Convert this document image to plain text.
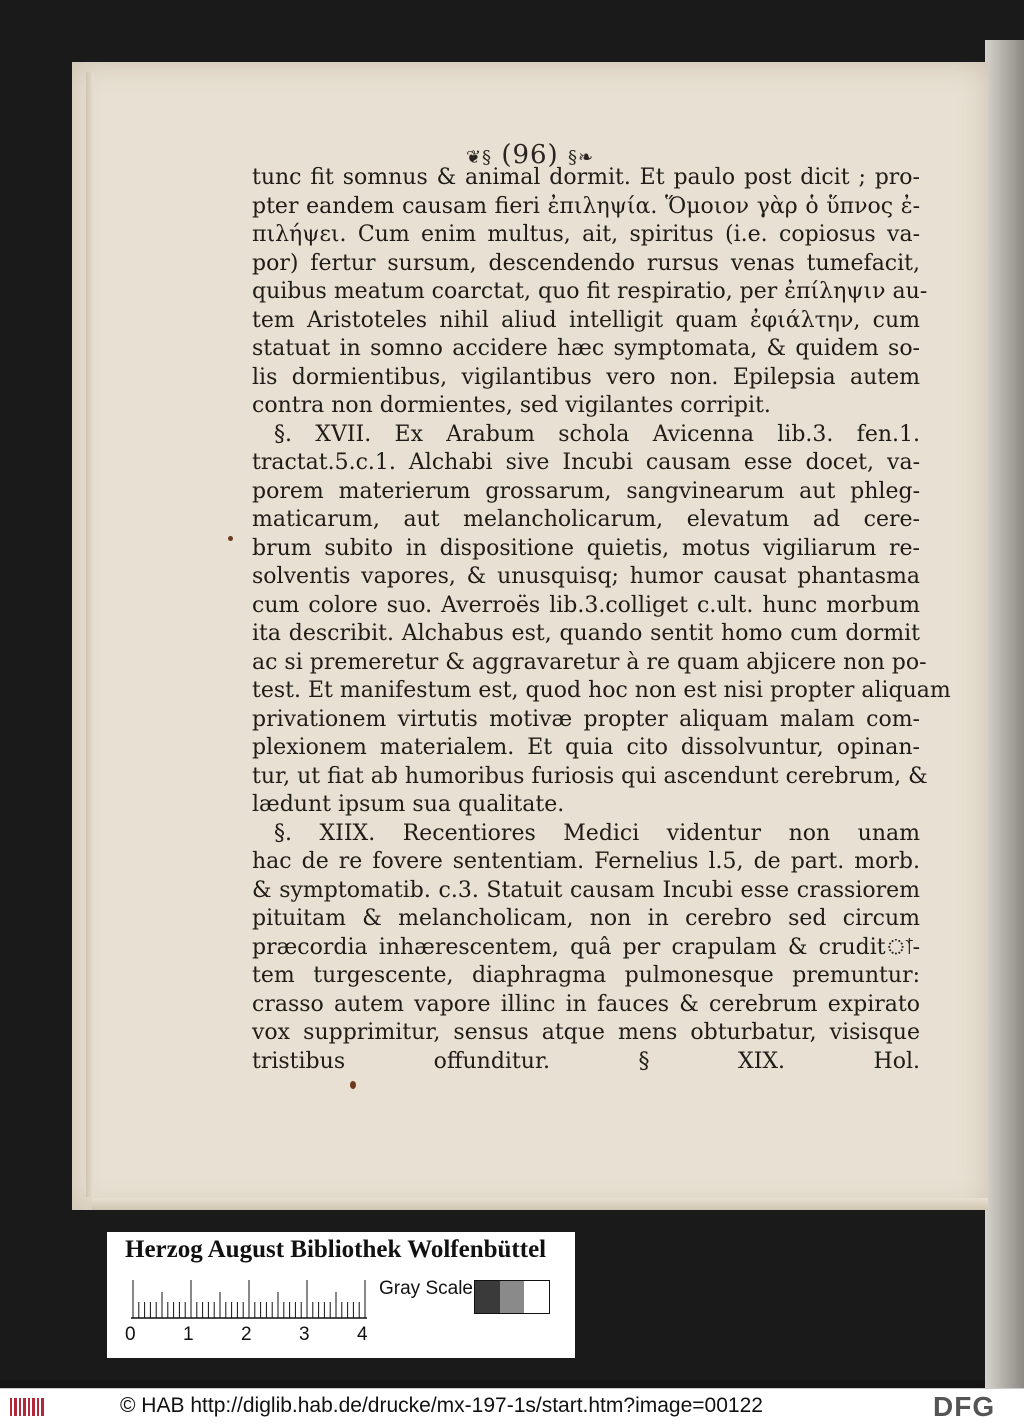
❦§ (96) §❧
tunc fit somnus & animal dormit. Et paulo post dicit ; pro-
pter eandem causam fieri ἐπιληψία. Ὅμοιον γὰρ ὁ ὕπνος ἐ-
πιλήψει. Cum enim multus, ait, spiritus (i.e. copiosus va-
por) fertur sursum, descendendo rursus venas tumefacit,
quibus meatum coarctat, quo fit respiratio, per ἐπίληψιν au-
tem Aristoteles nihil aliud intelligit quam ἐφιάλτην, cum
statuat in somno accidere hæc symptomata, & quidem so-
lis dormientibus, vigilantibus vero non. Epilepsia autem
contra non dormientes, sed vigilantes corripit.
§. XVII. Ex Arabum schola Avicenna lib.3. fen.1.
tractat.5.c.1. Alchabi sive Incubi causam esse docet, va-
porem materierum grossarum, sangvinearum aut phleg-
maticarum, aut melancholicarum, elevatum ad cere-
brum subito in dispositione quietis, motus vigiliarum re-
solventis vapores, & unusquisq; humor causat phantasma
cum colore suo. Averroës lib.3.colliget c.ult. hunc morbum
ita describit. Alchabus est, quando sentit homo cum dormit
ac si premeretur & aggravaretur à re quam abjicere non po-
test. Et manifestum est, quod hoc non est nisi propter aliquam
privationem virtutis motivæ propter aliquam malam com-
plexionem materialem. Et quia cito dissolvuntur, opinan-
tur, ut fiat ab humoribus furiosis qui ascendunt cerebrum, &
lædunt ipsum sua qualitate.
§. XIIX. Recentiores Medici videntur non unam
hac de re fovere sententiam. Fernelius l.5, de part. morb.
& symptomatib. c.3. Statuit causam Incubi esse crassiorem
pituitam & melancholicam, non in cerebro sed circum
præcordia inhærescentem, quâ per crapulam & cruditা-
tem turgescente, diaphragma pulmonesque premuntur:
crasso autem vapore illinc in fauces & cerebrum expirato
vox supprimitur, sensus atque mens obturbatur, visisque
tristibus offunditur. § XIX. Hol.
Herzog August Bibliothek Wolfenbüttel
0 1 2 3 4
Gray Scale
© HAB http://diglib.hab.de/drucke/mx-197-1s/start.htm?image=00122	DFG
